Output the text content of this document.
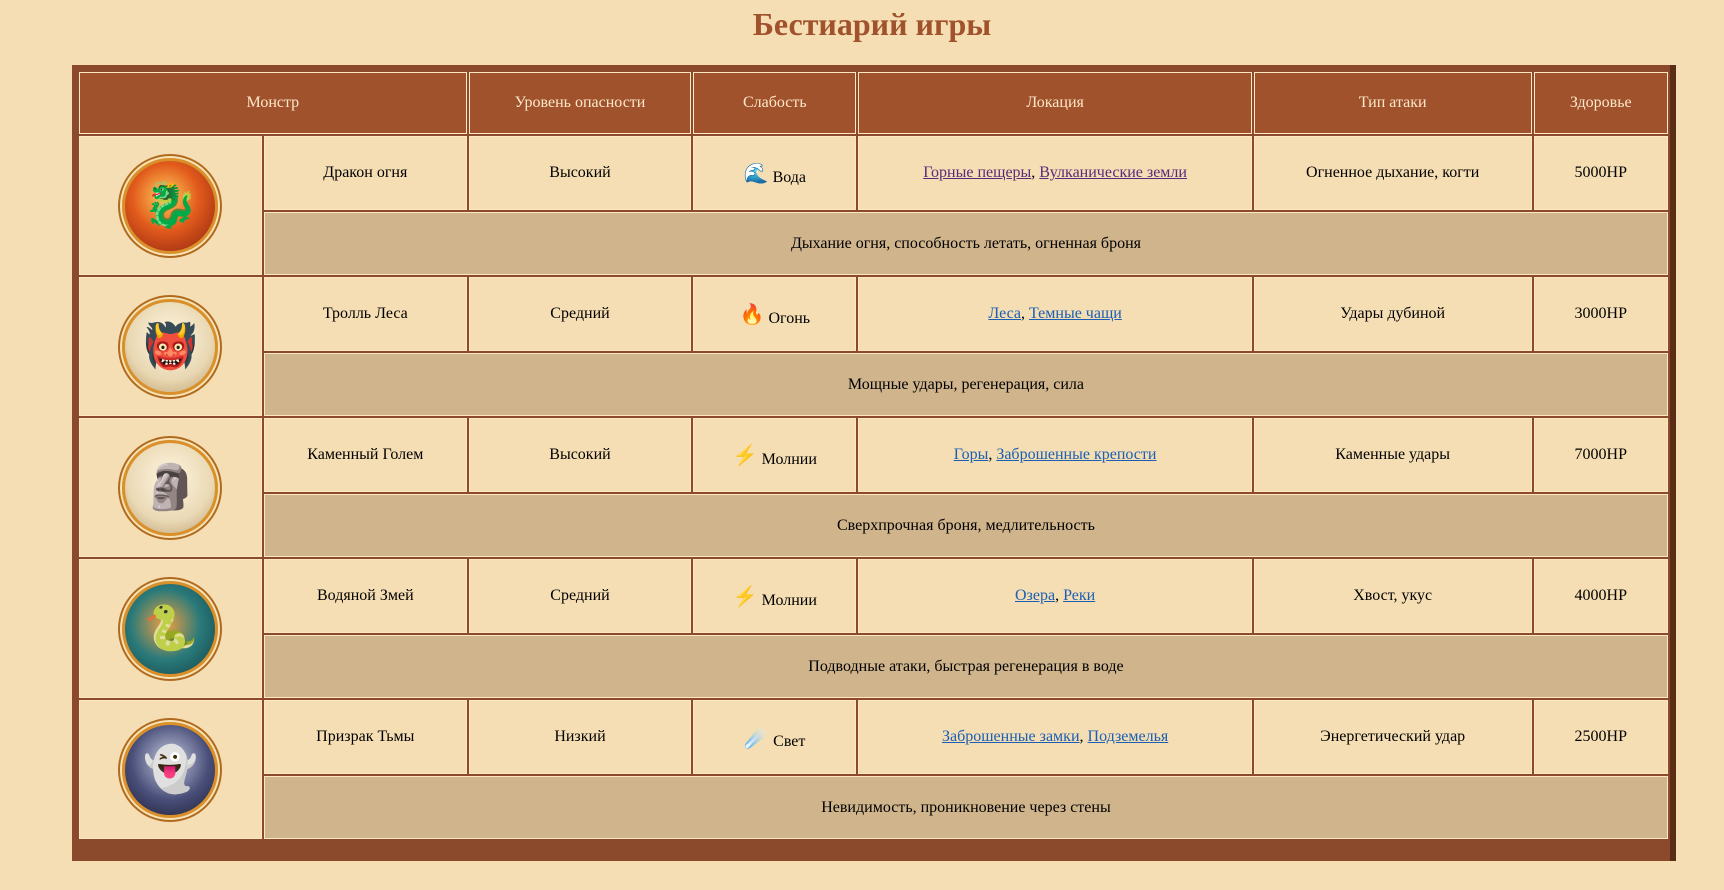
Бестиарий игры
Монстр		Уровень опасности	Слабость	Локация	Тип атаки	Здоровье

🐉	Дракон огня	Высокий	🌊 Вода	Горные пещеры, Вулканические земли	Огненное дыхание, когти	5000HP
	Дыхание огня, способность летать, огненная броня					

👹	Тролль Леса	Средний	🔥 Огонь	Леса, Темные чащи	Удары дубиной	3000HP
	Мощные удары, регенерация, сила					

🗿	Каменный Голем	Высокий	⚡ Молнии	Горы, Заброшенные крепости	Каменные удары	7000HP
	Сверхпрочная броня, медлительность					

🐍	Водяной Змей	Средний	⚡ Молнии	Озера, Реки	Хвост, укус	4000HP
	Подводные атаки, быстрая регенерация в воде					

👻	Призрак Тьмы	Низкий	☄️ Свет	Заброшенные замки, Подземелья	Энергетический удар	2500HP
	Невидимость, проникновение через стены					
